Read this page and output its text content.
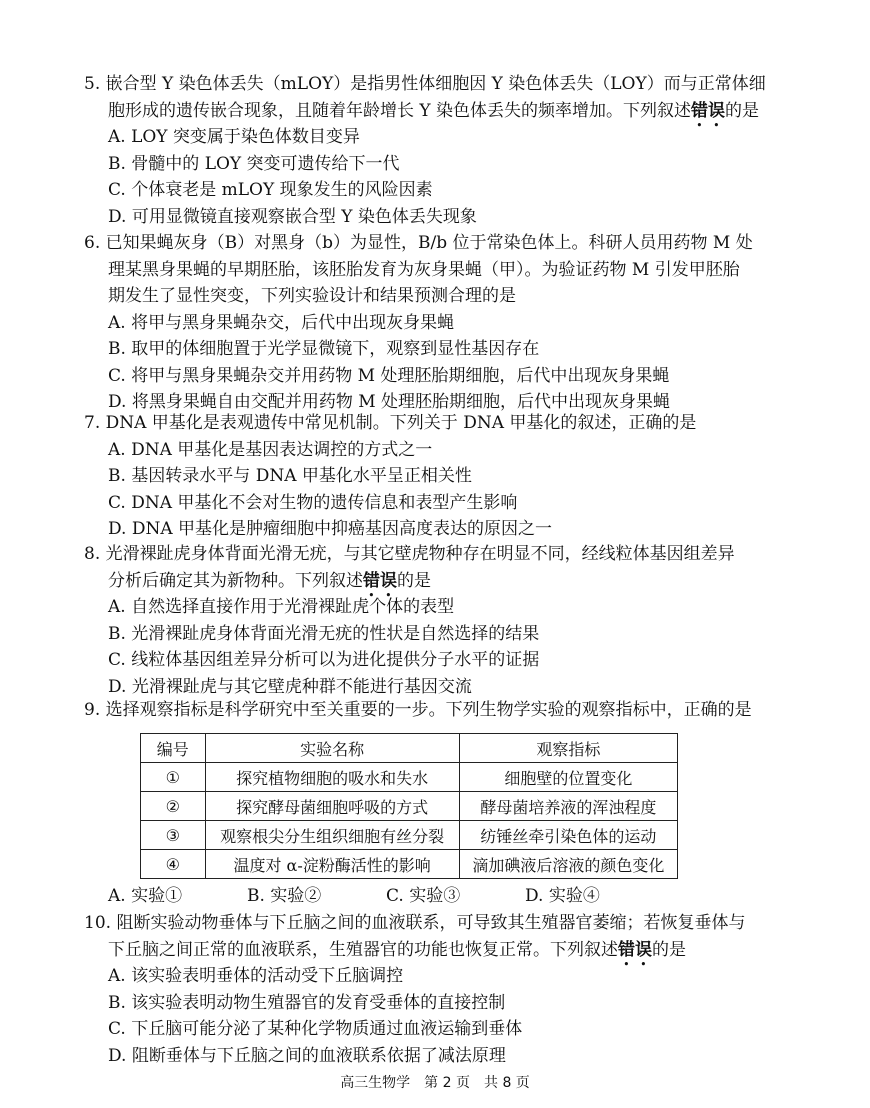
5. 嵌合型 Y 染色体丢失（mLOY）是指男性体细胞因 Y 染色体丢失（LOY）而与正常体细
胞形成的遗传嵌合现象，且随着年龄增长 Y 染色体丢失的频率增加。下列叙述错误的是
A. LOY 突变属于染色体数目变异
B. 骨髓中的 LOY 突变可遗传给下一代
C. 个体衰老是 mLOY 现象发生的风险因素
D. 可用显微镜直接观察嵌合型 Y 染色体丢失现象
6. 已知果蝇灰身（B）对黑身（b）为显性，B/b 位于常染色体上。科研人员用药物 M 处
理某黑身果蝇的早期胚胎，该胚胎发育为灰身果蝇（甲）。为验证药物 M 引发甲胚胎
期发生了显性突变，下列实验设计和结果预测合理的是
A. 将甲与黑身果蝇杂交，后代中出现灰身果蝇
B. 取甲的体细胞置于光学显微镜下，观察到显性基因存在
C. 将甲与黑身果蝇杂交并用药物 M 处理胚胎期细胞，后代中出现灰身果蝇
D. 将黑身果蝇自由交配并用药物 M 处理胚胎期细胞，后代中出现灰身果蝇
7. DNA 甲基化是表观遗传中常见机制。下列关于 DNA 甲基化的叙述，正确的是
A. DNA 甲基化是基因表达调控的方式之一
B. 基因转录水平与 DNA 甲基化水平呈正相关性
C. DNA 甲基化不会对生物的遗传信息和表型产生影响
D. DNA 甲基化是肿瘤细胞中抑癌基因高度表达的原因之一
8. 光滑裸趾虎身体背面光滑无疣，与其它壁虎物种存在明显不同，经线粒体基因组差异
分析后确定其为新物种。下列叙述错误的是
A. 自然选择直接作用于光滑裸趾虎个体的表型
B. 光滑裸趾虎身体背面光滑无疣的性状是自然选择的结果
C. 线粒体基因组差异分析可以为进化提供分子水平的证据
D. 光滑裸趾虎与其它壁虎种群不能进行基因交流
9. 选择观察指标是科学研究中至关重要的一步。下列生物学实验的观察指标中，正确的是
编号	实验名称	观察指标
①	探究植物细胞的吸水和失水	细胞壁的位置变化
②	探究酵母菌细胞呼吸的方式	酵母菌培养液的浑浊程度
③	观察根尖分生组织细胞有丝分裂	纺锤丝牵引染色体的运动
④	温度对 α-淀粉酶活性的影响	滴加碘液后溶液的颜色变化
A. 实验①	B. 实验②	C. 实验③	D. 实验④
10. 阻断实验动物垂体与下丘脑之间的血液联系，可导致其生殖器官萎缩；若恢复垂体与
下丘脑之间正常的血液联系，生殖器官的功能也恢复正常。下列叙述错误的是
A. 该实验表明垂体的活动受下丘脑调控
B. 该实验表明动物生殖器官的发育受垂体的直接控制
C. 下丘脑可能分泌了某种化学物质通过血液运输到垂体
D. 阻断垂体与下丘脑之间的血液联系依据了减法原理
高三生物学　第 2 页　共 8 页
